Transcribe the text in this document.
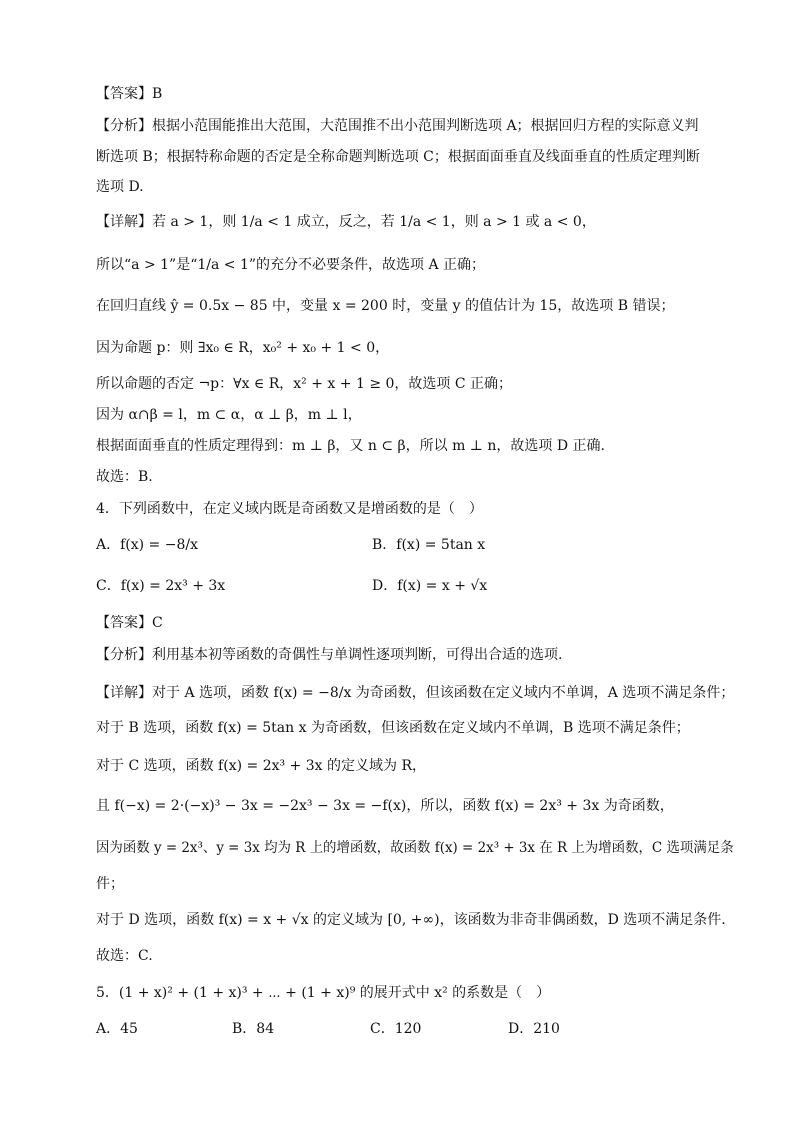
【答案】B
【分析】根据小范围能推出大范围，大范围推不出小范围判断选项 A；根据回归方程的实际意义判
断选项 B；根据特称命题的否定是全称命题判断选项 C；根据面面垂直及线面垂直的性质定理判断
选项 D.
【详解】若 a > 1，则 1/a < 1 成立，反之，若 1/a < 1，则 a > 1 或 a < 0，
所以“a > 1”是“1/a < 1”的充分不必要条件，故选项 A 正确；
在回归直线 ŷ = 0.5x − 85 中，变量 x = 200 时，变量 y 的值估计为 15，故选项 B 错误；
因为命题 p：则 ∃x₀ ∈ R，x₀² + x₀ + 1 < 0，
所以命题的否定 ¬p：∀x ∈ R，x² + x + 1 ≥ 0，故选项 C 正确；
因为 α∩β = l，m ⊂ α，α ⊥ β，m ⊥ l，
根据面面垂直的性质定理得到：m ⊥ β，又 n ⊂ β，所以 m ⊥ n，故选项 D 正确.
故选：B.
4．下列函数中，在定义域内既是奇函数又是增函数的是（　）
A．f(x) = −8/x	B．f(x) = 5tan x
C．f(x) = 2x³ + 3x	D．f(x) = x + √x
【答案】C
【分析】利用基本初等函数的奇偶性与单调性逐项判断，可得出合适的选项.
【详解】对于 A 选项，函数 f(x) = −8/x 为奇函数，但该函数在定义域内不单调，A 选项不满足条件；
对于 B 选项，函数 f(x) = 5tan x 为奇函数，但该函数在定义域内不单调，B 选项不满足条件；
对于 C 选项，函数 f(x) = 2x³ + 3x 的定义域为 R，
且 f(−x) = 2·(−x)³ − 3x = −2x³ − 3x = −f(x)，所以，函数 f(x) = 2x³ + 3x 为奇函数，
因为函数 y = 2x³、y = 3x 均为 R 上的增函数，故函数 f(x) = 2x³ + 3x 在 R 上为增函数，C 选项满足条
件；
对于 D 选项，函数 f(x) = x + √x 的定义域为 [0, +∞)，该函数为非奇非偶函数，D 选项不满足条件.
故选：C.
5．(1 + x)² + (1 + x)³ + ⋯ + (1 + x)⁹ 的展开式中 x² 的系数是（　）
A．45	B．84	C．120	D．210
